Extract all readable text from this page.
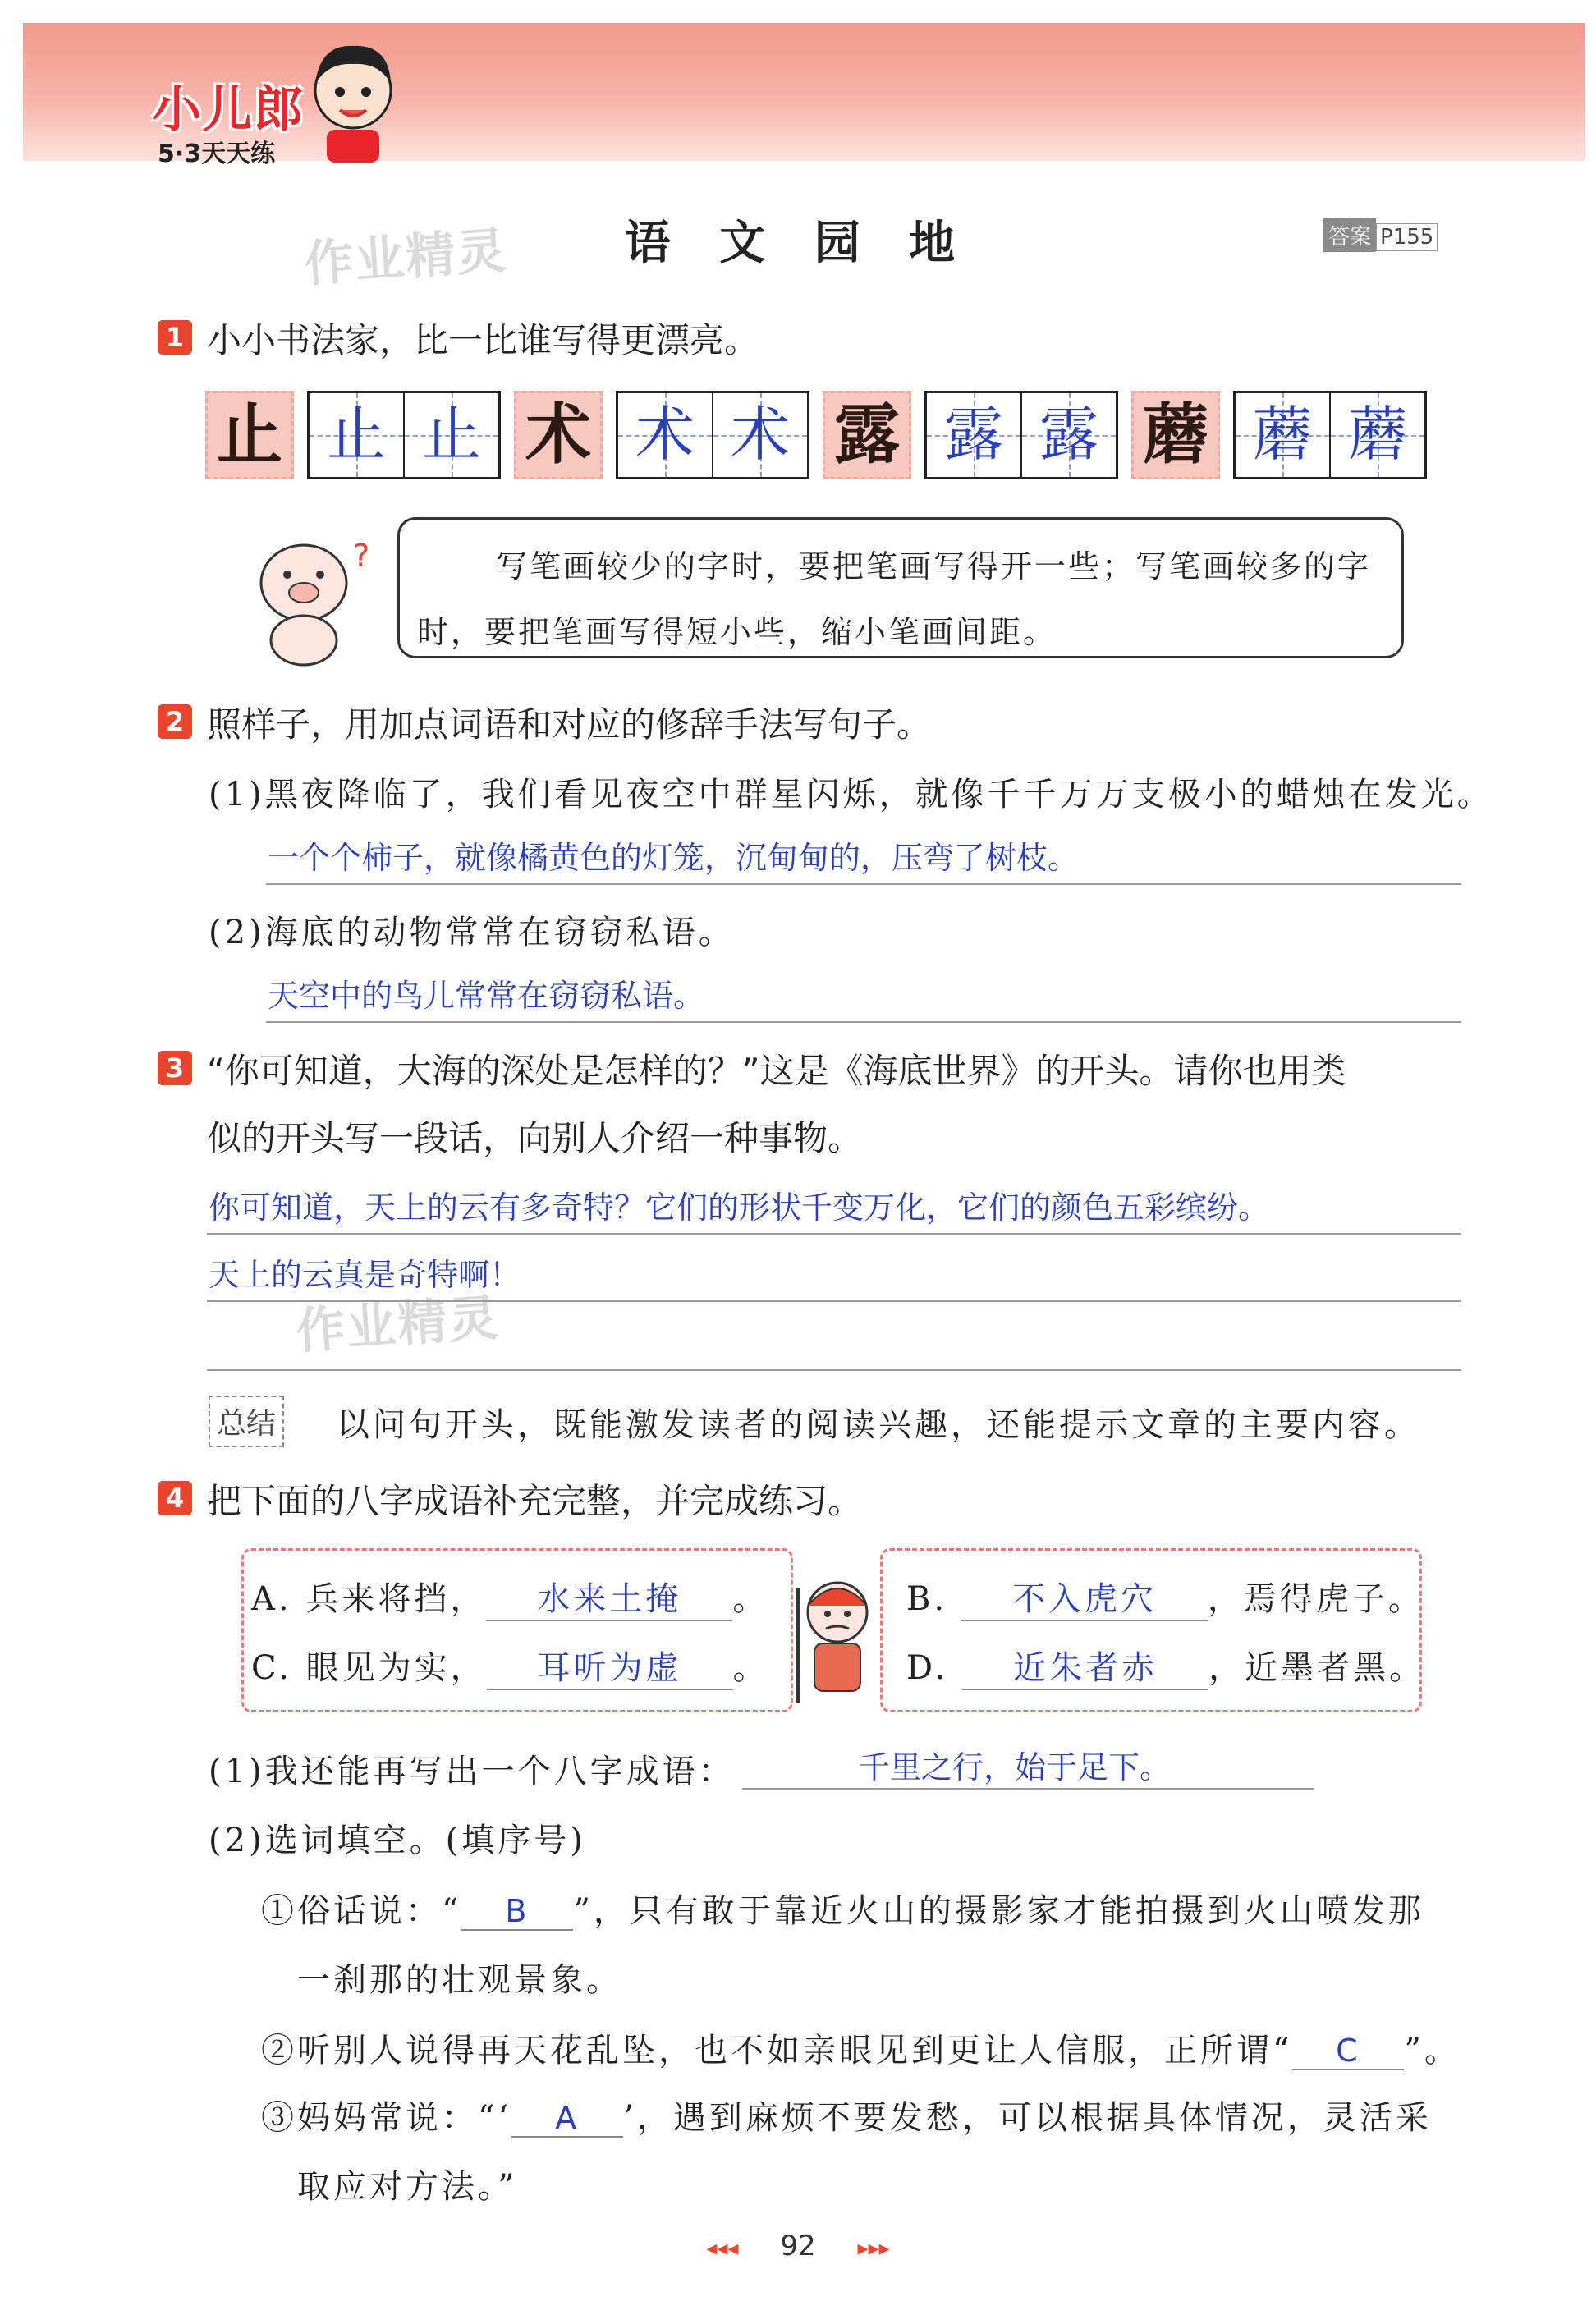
小儿郎
5·3天天练
语 文 园 地	答案 P155
作业精灵
1 小小书法家，比一比谁写得更漂亮。
止 止 止 术 术 术 露 露 露 蘑 蘑 蘑
?	写笔画较少的字时，要把笔画写得开一些；写笔画较多的字时，要把笔画写得短小些，缩小笔画间距。
2 照样子，用加点词语和对应的修辞手法写句子。
(1)黑夜降临了，我们看见夜空中群星闪烁，就像千千万万支极小的蜡烛在发光。
一个个柿子，就像橘黄色的灯笼，沉甸甸的，压弯了树枝。
(2)海底的动物常常在窃窃私语。
天空中的鸟儿常常在窃窃私语。
3 “你可知道，大海的深处是怎样的？”这是《海底世界》的开头。请你也用类
似的开头写一段话，向别人介绍一种事物。
你可知道，天上的云有多奇特？它们的形状千变万化，它们的颜色五彩缤纷。
天上的云真是奇特啊！
作业精灵
总结 以问句开头，既能激发读者的阅读兴趣，还能提示文章的主要内容。
4 把下面的八字成语补充完整，并完成练习。
A. 兵来将挡， 水来土掩 。
C. 眼见为实， 耳听为虚 。
B. 不入虎穴 ，焉得虎子。
D. 近朱者赤 ，近墨者黑。
(1)我还能再写出一个八字成语：	千里之行，始于足下。
(2)选词填空。(填序号)
①俗话说：“ B ”，只有敢于靠近火山的摄影家才能拍摄到火山喷发那
一刹那的壮观景象。
②听别人说得再天花乱坠，也不如亲眼见到更让人信服，正所谓“ C ”。
③妈妈常说：“‘ A ’，遇到麻烦不要发愁，可以根据具体情况，灵活采
取应对方法。”
◂◂◂ 92 ▸▸▸
